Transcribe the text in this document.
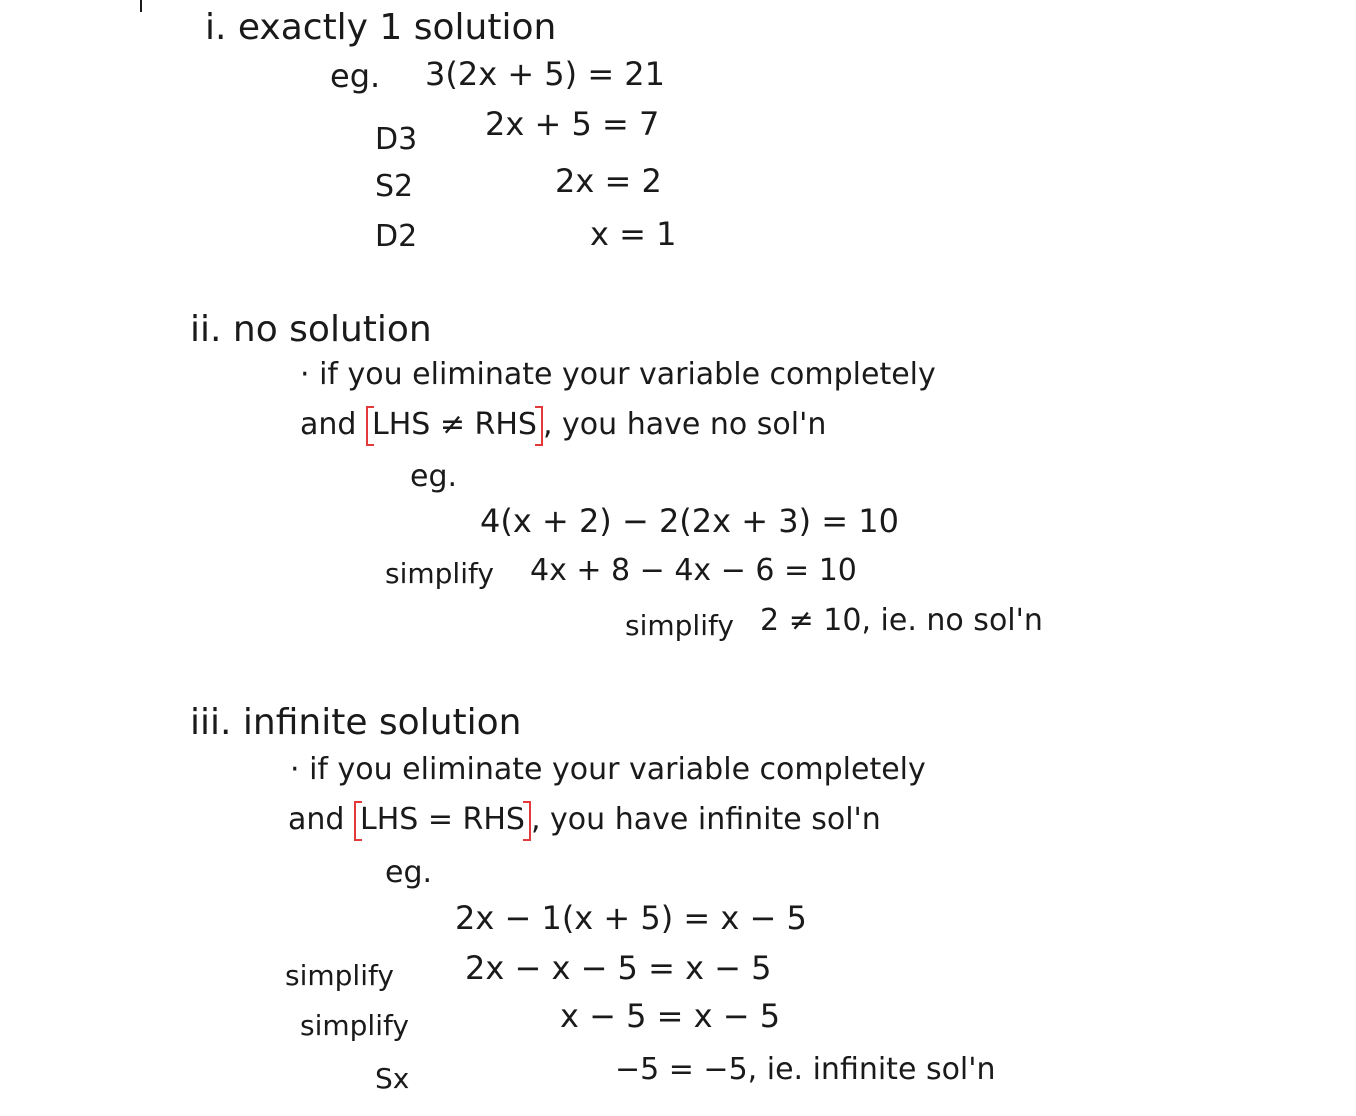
i. exactly 1 solution
eg. 3(2x + 5) = 21
D3 2x + 5 = 7
S2	2x = 2
D2	x = 1
ii. no solution
· if you eliminate your variable completely
and LHS ≠ RHS , you have no sol'n
eg.
4(x + 2) − 2(2x + 3) = 10
simplify 4x + 8 − 4x − 6 = 10
simplify 2 ≠ 10, ie. no sol'n
iii. infinite solution
· if you eliminate your variable completely
and LHS = RHS , you have infinite sol'n
eg.
2x − 1(x + 5) = x − 5
simplify 2x − x − 5 = x − 5
simplify	x − 5 = x − 5
Sx	−5 = −5, ie. infinite sol'n
